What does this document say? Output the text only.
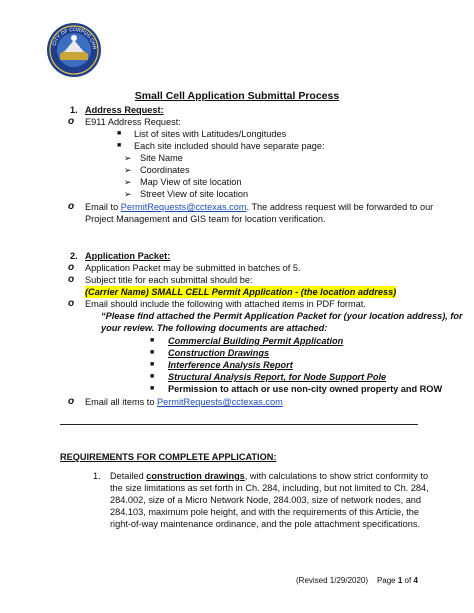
CITY OF CORPUS CHR
Small Cell Application Submittal Process
1. Address Request:
o E911 Address Request:
■ List of sites with Latitudes/Longitudes
■ Each site included should have separate page:
➢ Site Name
➢ Coordinates
➢ Map View of site location
➢ Street View of site location
o Email to PermitRequests@cctexas.com. The address request will be forwarded to our
Project Management and GIS team for location verification.
2. Application Packet:
o Application Packet may be submitted in batches of 5.
o Subject title for each submittal should be:
(Carrier Name) SMALL CELL Permit Application - (the location address)
o Email should include the following with attached items in PDF format.
“Please find attached the Permit Application Packet for (your location address), for
your review. The following documents are attached:
■ Commercial Building Permit Application
■ Construction Drawings
■ Interference Analysis Report
■ Structural Analysis Report, for Node Support Pole
■ Permission to attach or use non-city owned property and ROW
o Email all items to PermitRequests@cctexas.com
REQUIREMENTS FOR COMPLETE APPLICATION:
1. Detailed construction drawings, with calculations to show strict conformity to
the size limitations as set forth in Ch. 284, including, but not limited to Ch. 284,
284.002, size of a Micro Network Node, 284.003, size of network nodes, and
284.103, maximum pole height, and with the requirements of this Article, the
right-of-way maintenance ordinance, and the pole attachment specifications.
(Revised 1/29/2020) Page 1 of 4
